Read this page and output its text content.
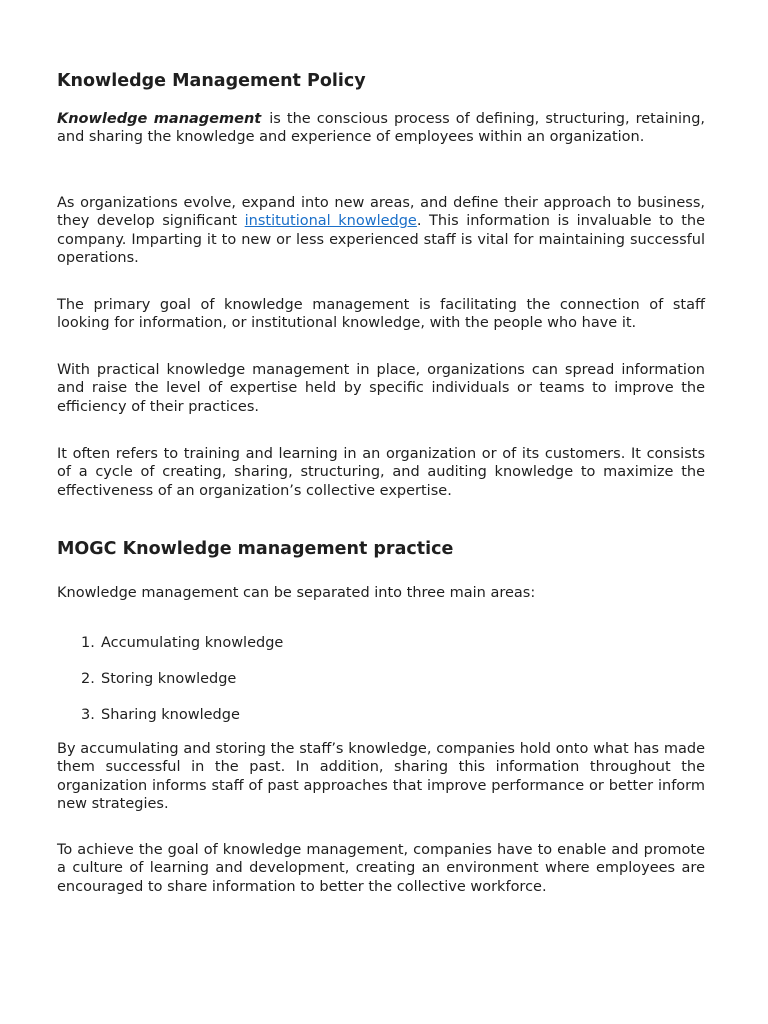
Knowledge Management Policy

Knowledge management is the conscious process of defining, structuring, retaining, and sharing the knowledge and experience of employees within an organization.

As organizations evolve, expand into new areas, and define their approach to business, they develop significant institutional knowledge. This information is invaluable to the company. Imparting it to new or less experienced staff is vital for maintaining successful operations.

The primary goal of knowledge management is facilitating the connection of staff looking for information, or institutional knowledge, with the people who have it.

With practical knowledge management in place, organizations can spread information and raise the level of expertise held by specific individuals or teams to improve the efficiency of their practices.

It often refers to training and learning in an organization or of its customers. It consists of a cycle of creating, sharing, structuring, and auditing knowledge to maximize the effectiveness of an organization’s collective expertise.

MOGC Knowledge management practice

Knowledge management can be separated into three main areas:

1. Accumulating knowledge
2. Storing knowledge
3. Sharing knowledge

By accumulating and storing the staff’s knowledge, companies hold onto what has made them successful in the past. In addition, sharing this information throughout the organization informs staff of past approaches that improve performance or better inform new strategies.

To achieve the goal of knowledge management, companies have to enable and promote a culture of learning and development, creating an environment where employees are encouraged to share information to better the collective workforce.
